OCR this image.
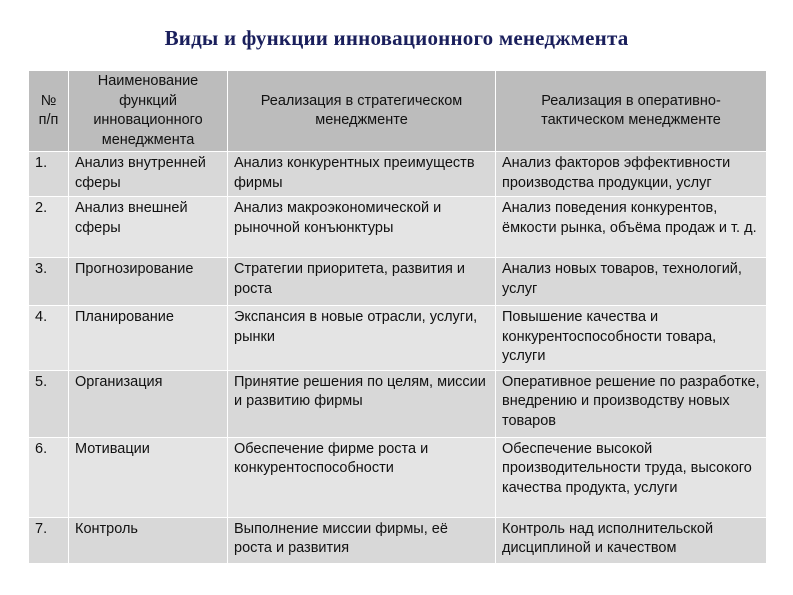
Виды и функции инновационного менеджмента
№ п/п	Наименование функций инновационного менеджмента	Реализация в стратегическом менеджменте	Реализация в оперативно-тактическом менеджменте
1.	Анализ внутренней сферы	Анализ конкурентных преимуществ фирмы	Анализ факторов эффективности производства продукции, услуг
2.	Анализ внешней сферы	Анализ макроэкономической и рыночной конъюнктуры	Анализ поведения конкурентов, ёмкости рынка, объёма продаж и т. д.
3.	Прогнозирование	Стратегии приоритета, развития и роста	Анализ новых товаров, технологий, услуг
4.	Планирование	Экспансия в новые отрасли, услуги, рынки	Повышение качества и конкурентоспособности товара, услуги
5.	Организация	Принятие решения по целям, миссии и развитию фирмы	Оперативное решение по разработке, внедрению и производству новых товаров
6.	Мотивации	Обеспечение фирме роста и конкурентоспособности	Обеспечение высокой производительности труда, высокого качества продукта, услуги
7.	Контроль	Выполнение миссии фирмы, её роста и развития	Контроль над исполнительской дисциплиной и качеством
